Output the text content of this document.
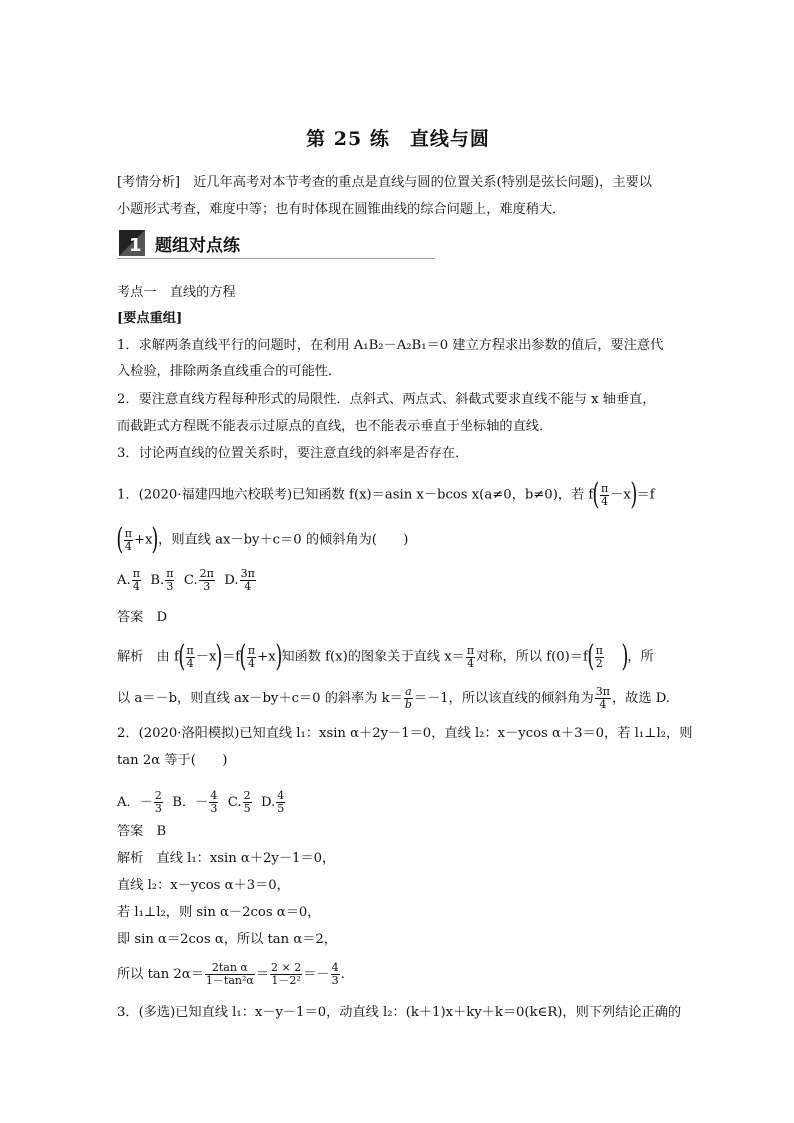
第 25 练　直线与圆
[考情分析]　近几年高考对本节考查的重点是直线与圆的位置关系(特别是弦长问题)，主要以
小题形式考查，难度中等；也有时体现在圆锥曲线的综合问题上，难度稍大．
1 题组对点练
考点一　直线的方程
[要点重组]
1．求解两条直线平行的问题时，在利用 A₁B₂－A₂B₁＝0 建立方程求出参数的值后，要注意代
入检验，排除两条直线重合的可能性．
2．要注意直线方程每种形式的局限性．点斜式、两点式、斜截式要求直线不能与 x 轴垂直，
而截距式方程既不能表示过原点的直线，也不能表示垂直于坐标轴的直线．
3．讨论两直线的位置关系时，要注意直线的斜率是否存在．
1．(2020·福建四地六校联考)已知函数 f(x)＝asin x－bcos x(a≠0，b≠0)，若 $f( \frac{\pi}{4} -x)=f$
( $\frac{\pi}{4} +x$)，则直线 ax－by＋c＝0 的倾斜角为(　　)
A. $\frac{\pi}{4} B$. $\frac{\pi}{3} C$. $\frac{2\pi}{3} D$. $\frac{3\pi}{4}$
答案　D
解析　由 $f( \frac{\pi}{4} -x)=f( \frac{\pi}{4} +x)$知函数 f(x)的图象关于直线 $x= \frac{\pi}{4}$ 对称，所以 $f(0)=f( \frac{\pi}{2}$ )，所
以 a＝－b，则直线 ax－by＋c＝0 的斜率为 $k= \frac{a}{b} =-1$，所以该直线的倾斜角为 $\frac{3\pi}{4}$ ，故选 D.
2．(2020·洛阳模拟)已知直线 l₁：xsin α＋2y－1＝0，直线 l₂：x－ycos α＋3＝0，若 l₁⊥l₂，则
tan 2α 等于(　　)
A．－ $\frac{2}{3}$ B．－ $\frac{4}{3} C$. $\frac{2}{5} D$. $\frac{4}{5}$
答案　B
解析　直线 l₁：xsin α＋2y－1＝0，
直线 l₂：x－ycos α＋3＝0，
若 l₁⊥l₂，则 sin α－2cos α＝0，
即 sin α＝2cos α，所以 tan α＝2，
所以 $\tan 2\alpha= \frac{\text{2tan α}}{\text{1－tan²α}} = \frac{2 \times 2}{\text{1－2²}} =- \frac{4}{3}$ .
3．(多选)已知直线 l₁：x－y－1＝0，动直线 l₂：(k＋1)x＋ky＋k＝0(k∈R)，则下列结论正确的
